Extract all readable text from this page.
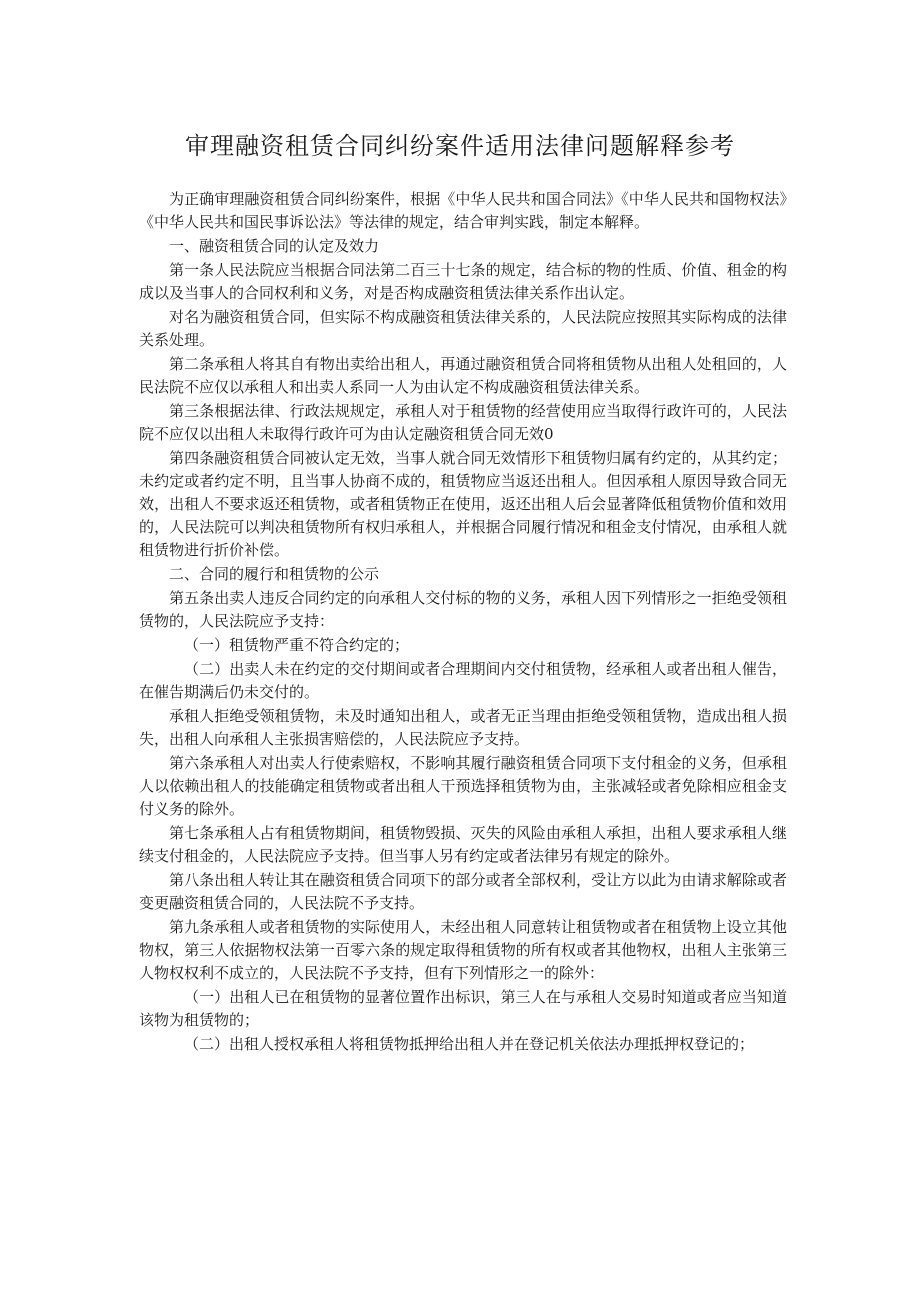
审理融资租赁合同纠纷案件适用法律问题解释参考

为正确审理融资租赁合同纠纷案件，根据《中华人民共和国合同法》《中华人民共和国物权法》《中华人民共和国民事诉讼法》等法律的规定，结合审判实践，制定本解释。

一、融资租赁合同的认定及效力

第一条人民法院应当根据合同法第二百三十七条的规定，结合标的物的性质、价值、租金的构成以及当事人的合同权利和义务，对是否构成融资租赁法律关系作出认定。

对名为融资租赁合同，但实际不构成融资租赁法律关系的，人民法院应按照其实际构成的法律关系处理。

第二条承租人将其自有物出卖给出租人，再通过融资租赁合同将租赁物从出租人处租回的，人民法院不应仅以承租人和出卖人系同一人为由认定不构成融资租赁法律关系。

第三条根据法律、行政法规规定，承租人对于租赁物的经营使用应当取得行政许可的，人民法院不应仅以出租人未取得行政许可为由认定融资租赁合同无效0

第四条融资租赁合同被认定无效，当事人就合同无效情形下租赁物归属有约定的，从其约定；未约定或者约定不明，且当事人协商不成的，租赁物应当返还出租人。但因承租人原因导致合同无效，出租人不要求返还租赁物，或者租赁物正在使用，返还出租人后会显著降低租赁物价值和效用的，人民法院可以判决租赁物所有权归承租人，并根据合同履行情况和租金支付情况，由承租人就租赁物进行折价补偿。

二、合同的履行和租赁物的公示

第五条出卖人违反合同约定的向承租人交付标的物的义务，承租人因下列情形之一拒绝受领租赁物的，人民法院应予支持：

（一）租赁物严重不符合约定的；

（二）出卖人未在约定的交付期间或者合理期间内交付租赁物，经承租人或者出租人催告，在催告期满后仍未交付的。

承租人拒绝受领租赁物，未及时通知出租人，或者无正当理由拒绝受领租赁物，造成出租人损失，出租人向承租人主张损害赔偿的，人民法院应予支持。

第六条承租人对出卖人行使索赔权，不影响其履行融资租赁合同项下支付租金的义务，但承租人以依赖出租人的技能确定租赁物或者出租人干预选择租赁物为由，主张减轻或者免除相应租金支付义务的除外。

第七条承租人占有租赁物期间，租赁物毁损、灭失的风险由承租人承担，出租人要求承租人继续支付租金的，人民法院应予支持。但当事人另有约定或者法律另有规定的除外。

第八条出租人转让其在融资租赁合同项下的部分或者全部权利，受让方以此为由请求解除或者变更融资租赁合同的，人民法院不予支持。

第九条承租人或者租赁物的实际使用人，未经出租人同意转让租赁物或者在租赁物上设立其他物权，第三人依据物权法第一百零六条的规定取得租赁物的所有权或者其他物权，出租人主张第三人物权权利不成立的，人民法院不予支持，但有下列情形之一的除外：

（一）出租人已在租赁物的显著位置作出标识，第三人在与承租人交易时知道或者应当知道该物为租赁物的；

（二）出租人授权承租人将租赁物抵押给出租人并在登记机关依法办理抵押权登记的；
